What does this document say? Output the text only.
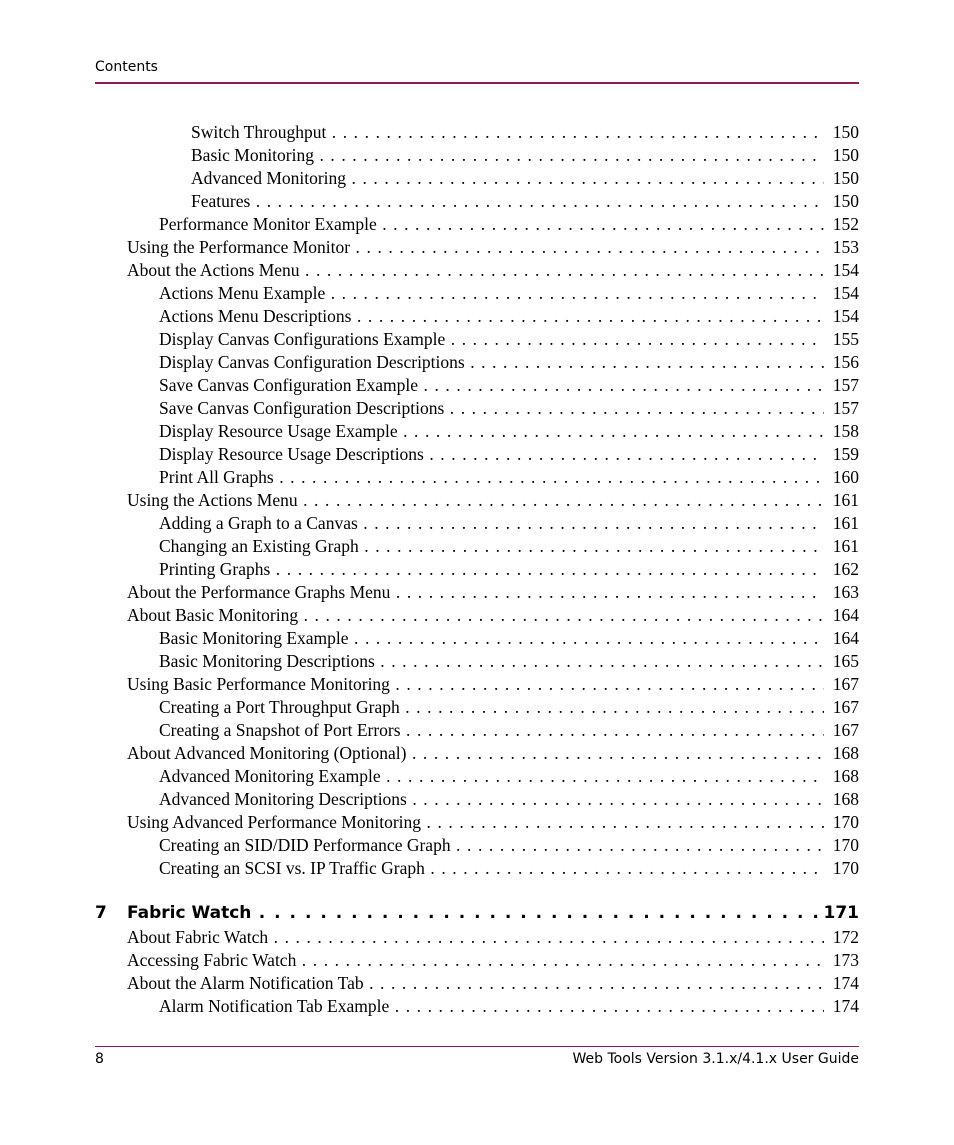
Contents
Switch Throughput . . .	150
Basic Monitoring . . .	150
Advanced Monitoring . . .	150
Features . . .	150
Performance Monitor Example . . .	152
Using the Performance Monitor . . .	153
About the Actions Menu . . .	154
Actions Menu Example . . .	154
Actions Menu Descriptions . . .	154
Display Canvas Configurations Example . . .	155
Display Canvas Configuration Descriptions . . .	156
Save Canvas Configuration Example . . .	157
Save Canvas Configuration Descriptions . . .	157
Display Resource Usage Example . . .	158
Display Resource Usage Descriptions . . .	159
Print All Graphs . . .	160
Using the Actions Menu . . .	161
Adding a Graph to a Canvas . . .	161
Changing an Existing Graph . . .	161
Printing Graphs . . .	162
About the Performance Graphs Menu . . .	163
About Basic Monitoring . . .	164
Basic Monitoring Example . . .	164
Basic Monitoring Descriptions . . .	165
Using Basic Performance Monitoring . . .	167
Creating a Port Throughput Graph . . .	167
Creating a Snapshot of Port Errors . . .	167
About Advanced Monitoring (Optional) . . .	168
Advanced Monitoring Example . . .	168
Advanced Monitoring Descriptions . . .	168
Using Advanced Performance Monitoring . . .	170
Creating an SID/DID Performance Graph . . .	170
Creating an SCSI vs. IP Traffic Graph . . .	170
7 Fabric Watch . . .	171
About Fabric Watch . . .	172
Accessing Fabric Watch . . .	173
About the Alarm Notification Tab . . .	174
Alarm Notification Tab Example . . .	174
8	Web Tools Version 3.1.x/4.1.x User Guide
